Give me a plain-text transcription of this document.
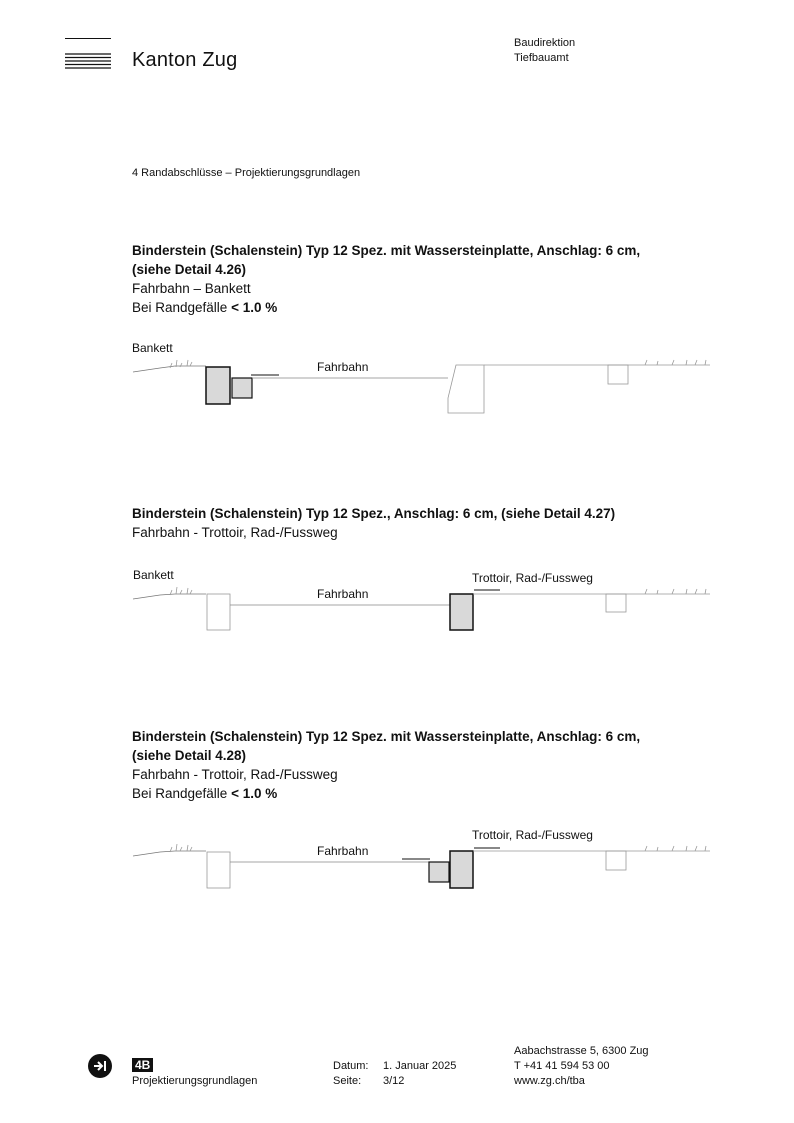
Kanton Zug
Baudirektion
Tiefbauamt
4 Randabschlüsse – Projektierungsgrundlagen
Binderstein (Schalenstein) Typ 12 Spez. mit Wassersteinplatte, Anschlag: 6 cm,
(siehe Detail 4.26)
Fahrbahn – Bankett
Bei Randgefälle < 1.0 %
Bankett
Fahrbahn
Binderstein (Schalenstein) Typ 12 Spez., Anschlag: 6 cm, (siehe Detail 4.27)
Fahrbahn - Trottoir, Rad-/Fussweg
Bankett
Fahrbahn
Trottoir, Rad-/Fussweg
Binderstein (Schalenstein) Typ 12 Spez. mit Wassersteinplatte, Anschlag: 6 cm,
(siehe Detail 4.28)
Fahrbahn - Trottoir, Rad-/Fussweg
Bei Randgefälle < 1.0 %
Fahrbahn
Trottoir, Rad-/Fussweg
4B
Projektierungsgrundlagen
Datum:
Seite:
1. Januar 2025
3/12
Aabachstrasse 5, 6300 Zug
T +41 41 594 53 00
www.zg.ch/tba
